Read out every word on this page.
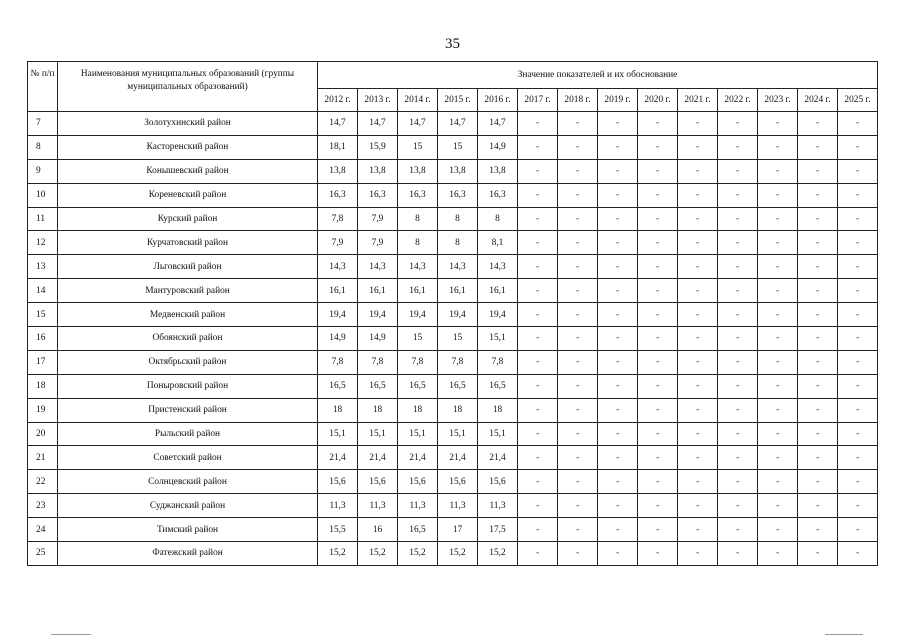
35
№ п/п	Наименования муниципальных образований (группы муниципальных образований)	Значение показателей и их обоснование													
		2012 г.	2013 г.	2014 г.	2015 г.	2016 г.	2017 г.	2018 г.	2019 г.	2020 г.	2021 г.	2022 г.	2023 г.	2024 г.	2025 г.
7	Золотухинский район	14,7	14,7	14,7	14,7	14,7	-	-	-	-	-	-	-	-	-
8	Касторенский район	18,1	15,9	15	15	14,9	-	-	-	-	-	-	-	-	-
9	Конышевский район	13,8	13,8	13,8	13,8	13,8	-	-	-	-	-	-	-	-	-
10	Кореневский район	16,3	16,3	16,3	16,3	16,3	-	-	-	-	-	-	-	-	-
11	Курский район	7,8	7,9	8	8	8	-	-	-	-	-	-	-	-	-
12	Курчатовский район	7,9	7,9	8	8	8,1	-	-	-	-	-	-	-	-	-
13	Льговский район	14,3	14,3	14,3	14,3	14,3	-	-	-	-	-	-	-	-	-
14	Мантуровский район	16,1	16,1	16,1	16,1	16,1	-	-	-	-	-	-	-	-	-
15	Медвенский район	19,4	19,4	19,4	19,4	19,4	-	-	-	-	-	-	-	-	-
16	Обоянский район	14,9	14,9	15	15	15,1	-	-	-	-	-	-	-	-	-
17	Октябрьский район	7,8	7,8	7,8	7,8	7,8	-	-	-	-	-	-	-	-	-
18	Поныровский район	16,5	16,5	16,5	16,5	16,5	-	-	-	-	-	-	-	-	-
19	Пристенский район	18	18	18	18	18	-	-	-	-	-	-	-	-	-
20	Рыльский район	15,1	15,1	15,1	15,1	15,1	-	-	-	-	-	-	-	-	-
21	Советский район	21,4	21,4	21,4	21,4	21,4	-	-	-	-	-	-	-	-	-
22	Солнцевский район	15,6	15,6	15,6	15,6	15,6	-	-	-	-	-	-	-	-	-
23	Суджанский район	11,3	11,3	11,3	11,3	11,3	-	-	-	-	-	-	-	-	-
24	Тимский район	15,5	16	16,5	17	17,5	-	-	-	-	-	-	-	-	-
25	Фатежский район	15,2	15,2	15,2	15,2	15,2	-	-	-	-	-	-	-	-	-
